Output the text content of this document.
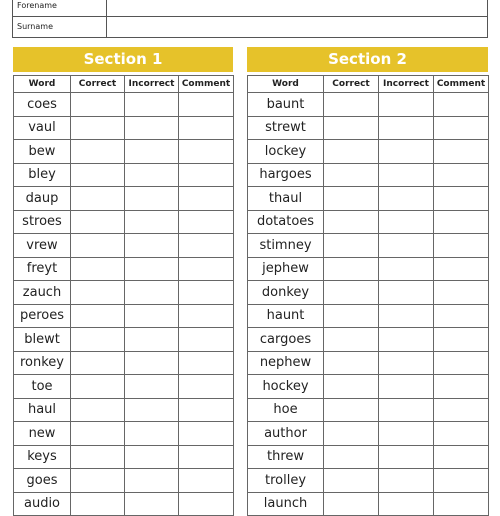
Forename
Surname
Section 1
Word	Correct	Incorrect	Comment
coes			
vaul			
bew			
bley			
daup			
stroes			
vrew			
freyt			
zauch			
peroes			
blewt			
ronkey			
toe			
haul			
new			
keys			
goes			
audio			
Section 2
Word	Correct	Incorrect	Comment
baunt			
strewt			
lockey			
hargoes			
thaul			
dotatoes			
stimney			
jephew			
donkey			
haunt			
cargoes			
nephew			
hockey			
hoe			
author			
threw			
trolley			
launch			
